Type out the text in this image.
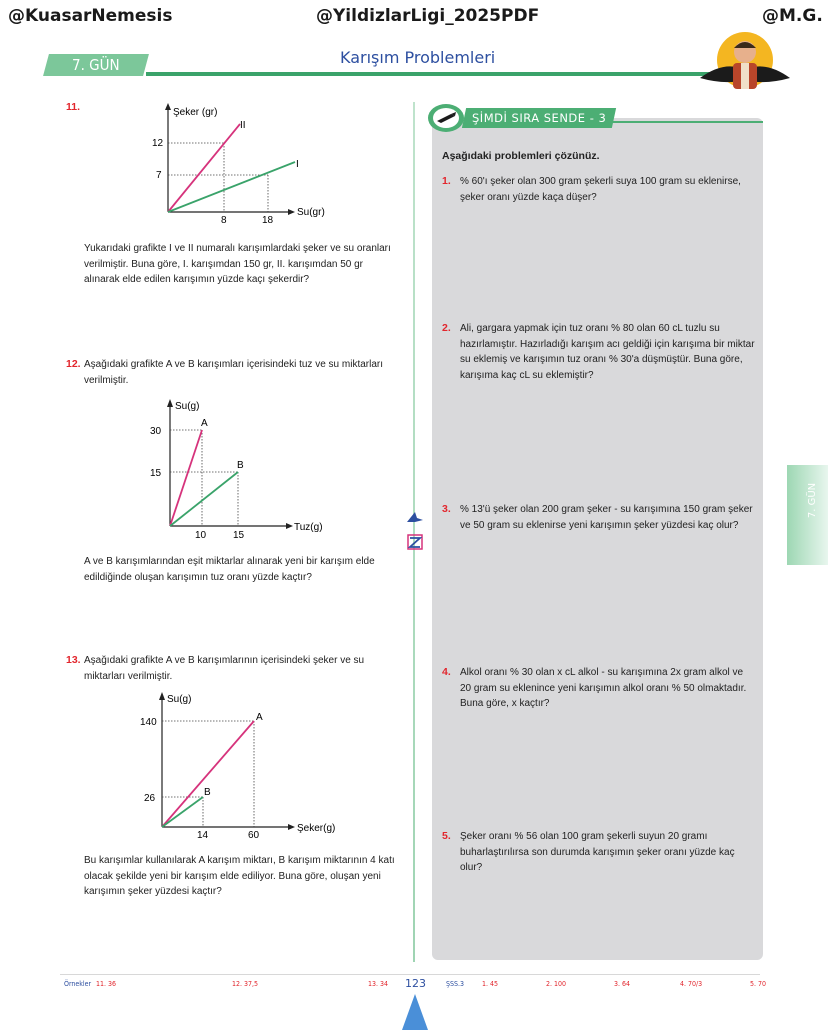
@KuasarNemesis	@YildizlarLigi_2025PDF	@M.G.
7. GÜN	Karışım Problemleri
7. GÜN
11.	Şeker (gr)
Su(gr)
12
7
8	18
I
II
Yukarıdaki grafikte I ve II numaralı karışımlardaki şeker ve su oranları verilmiştir. Buna göre, I. karışımdan 150 gr, II. karışımdan 50 gr alınarak elde edilen karışımın yüzde kaçı şekerdir?
12. Aşağıdaki grafikte A ve B karışımları içerisindeki tuz ve su miktarları verilmiştir.
Su(g)
Tuz(g)
30
15
10	15
A
B
A ve B karışımlarından eşit miktarlar alınarak yeni bir karışım elde edildiğinde oluşan karışımın tuz oranı yüzde kaçtır?
13. Aşağıdaki grafikte A ve B karışımlarının içerisindeki şeker ve su miktarları verilmiştir.
Su(g)
Şeker(g)
140
26
14	60
A
B
Bu karışımlar kullanılarak A karışım miktarı, B karışım miktarının 4 katı olacak şekilde yeni bir karışım elde ediliyor. Buna göre, oluşan yeni karışımın şeker yüzdesi kaçtır?
ŞİMDİ SIRA SENDE - 3
Aşağıdaki problemleri çözünüz.
1. % 60'ı şeker olan 300 gram şekerli suya 100 gram su eklenirse, şeker oranı yüzde kaça düşer?
2. Ali, gargara yapmak için tuz oranı % 80 olan 60 cL tuzlu su hazırlamıştır. Hazırladığı karışım acı geldiği için karışıma bir miktar su eklemiş ve karışımın tuz oranı % 30'a düşmüştür. Buna göre, karışıma kaç cL su eklemiştir?
3. % 13'ü şeker olan 200 gram şeker - su karışımına 150 gram şeker ve 50 gram su eklenirse yeni karışımın şeker yüzdesi kaç olur?
4. Alkol oranı % 30 olan x cL alkol - su karışımına 2x gram alkol ve 20 gram su eklenince yeni karışımın alkol oranı % 50 olmaktadır. Buna göre, x kaçtır?
5. Şeker oranı % 56 olan 100 gram şekerli suyun 20 gramı buharlaştırılırsa son durumda karışımın şeker oranı yüzde kaç olur?
Örnekler 11. 36	12. 37,5	13. 34 123	ŞSS.3	1. 45	2. 100	3. 64	4. 70/3	5. 70
